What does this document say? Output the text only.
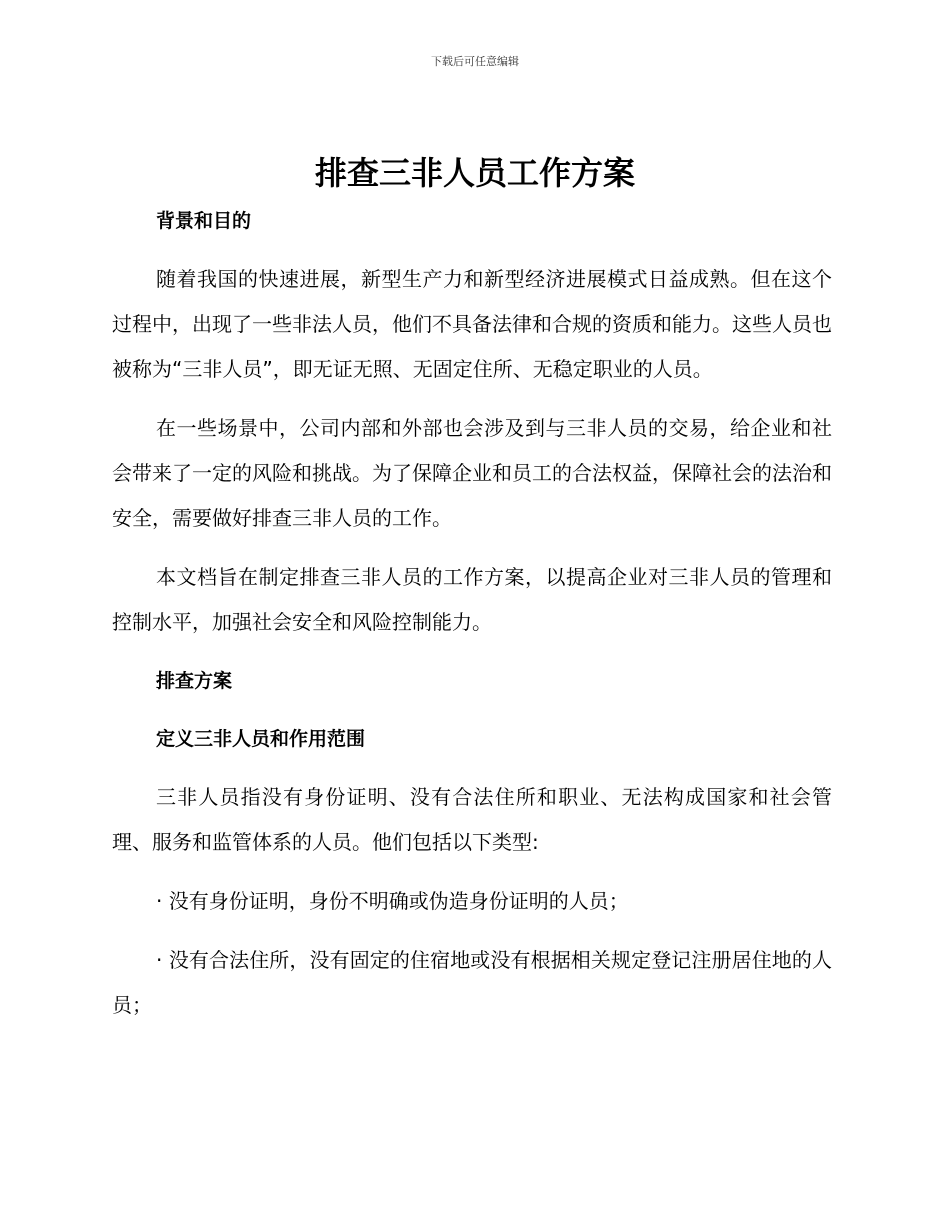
下载后可任意编辑
排查三非人员工作方案
背景和目的

随着我国的快速进展，新型生产力和新型经济进展模式日益成熟。但在这个过程中，出现了一些非法人员，他们不具备法律和合规的资质和能力。这些人员也被称为“三非人员”，即无证无照、无固定住所、无稳定职业的人员。

在一些场景中，公司内部和外部也会涉及到与三非人员的交易，给企业和社会带来了一定的风险和挑战。为了保障企业和员工的合法权益，保障社会的法治和安全，需要做好排查三非人员的工作。

本文档旨在制定排查三非人员的工作方案，以提高企业对三非人员的管理和控制水平，加强社会安全和风险控制能力。

排查方案
定义三非人员和作用范围

三非人员指没有身份证明、没有合法住所和职业、无法构成国家和社会管理、服务和监管体系的人员。他们包括以下类型:

· 没有身份证明，身份不明确或伪造身份证明的人员；

· 没有合法住所，没有固定的住宿地或没有根据相关规定登记注册居住地的人员；
